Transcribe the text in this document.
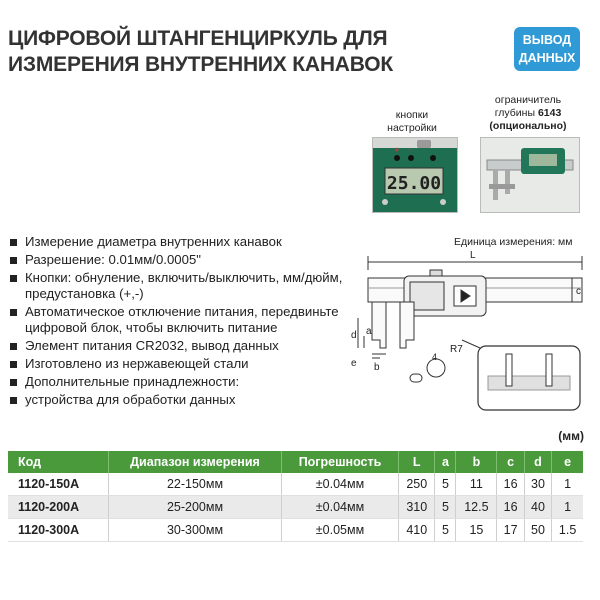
ЦИФРОВОЙ ШТАНГЕНЦИРКУЛЬ ДЛЯ
ИЗМЕРЕНИЯ ВНУТРЕННИХ КАНАВОК
ВЫВОД
ДАННЫХ
кнопки
настройки
+ -
25.00
ограничитель
глубины 6143
(опционально)
Измерение диаметра внутренних канавок
Разрешение: 0.01мм/0.0005"
Кнопки: обнуление, включить/выключить, мм/дюйм, предустановка (+,-)
Автоматическое отключение питания, передвиньте цифровой блок, чтобы включить питание
Элемент питания CR2032, вывод данных
Изготовлено из нержавеющей стали
Дополнительные принадлежности:
устройства для обработки данных
Единица измерения: мм
L
c
d a
e b
R7
4
(мм)
Код	Диапазон измерения	Погрешность	L	a	b	c	d	e
1120-150A	22-150мм	±0.04мм	250	5	11	16	30	1
1120-200A	25-200мм	±0.04мм	310	5	12.5	16	40	1
1120-300A	30-300мм	±0.05мм	410	5	15	17	50	1.5
